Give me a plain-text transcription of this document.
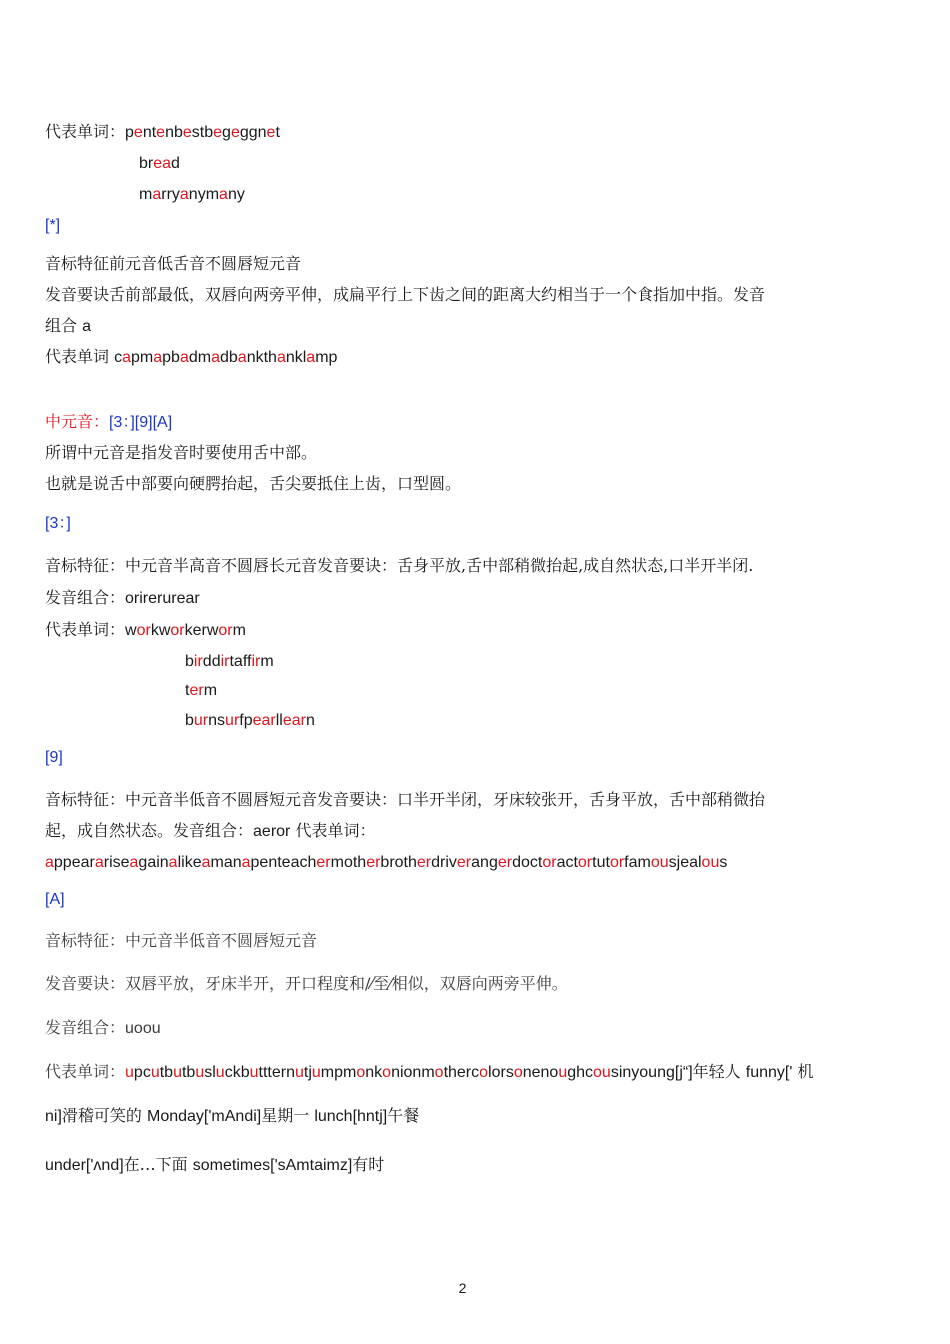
代表单词：pentenbestbegeggnet
bread
marryanymany
[*]
音标特征前元音低舌音不圆唇短元音
发音要诀舌前部最低，双唇向两旁平伸，成扁平行上下齿之间的距离大约相当于一个食指加中指。发音
组合 a
代表单词 capmapbadmadbankthanklamp
中元音：[3：][9][A]
所谓中元音是指发音时要使用舌中部。
也就是说舌中部要向硬腭抬起，舌尖要抵住上齿，口型圆。
[3：]
音标特征：中元音半高音不圆唇长元音发音要诀：舌身平放,舌中部稍微抬起,成自然状态,口半开半闭.
发音组合：orirerurear
代表单词：workworkerworm
birddirtaffirm
term
burnsurfpearllearn
[9]
音标特征：中元音半低音不圆唇短元音发音要诀：口半开半闭，牙床较张开，舌身平放，舌中部稍微抬
起，成自然状态。发音组合：aeror 代表单词：
appearariseagainalikeamanapenteachermotherbrotherdriverangerdoctoractortutorfamousjealous
[A]
音标特征：中元音半低音不圆唇短元音
发音要诀：双唇平放，牙床半开，开口程度和/⁄至⁄相似，双唇向两旁平伸。
发音组合：uoou
代表单词：upcutbutbusluckbuttternutjumpmonkonionmothercolorsonenoughcousinyoung[j“]年轻人 funny[' 机
ni]滑稽可笑的 Monday['mAndi]星期一 lunch[hntj]午餐
under['ʌnd]在…下面 sometimes['sAmtaimz]有时
2
